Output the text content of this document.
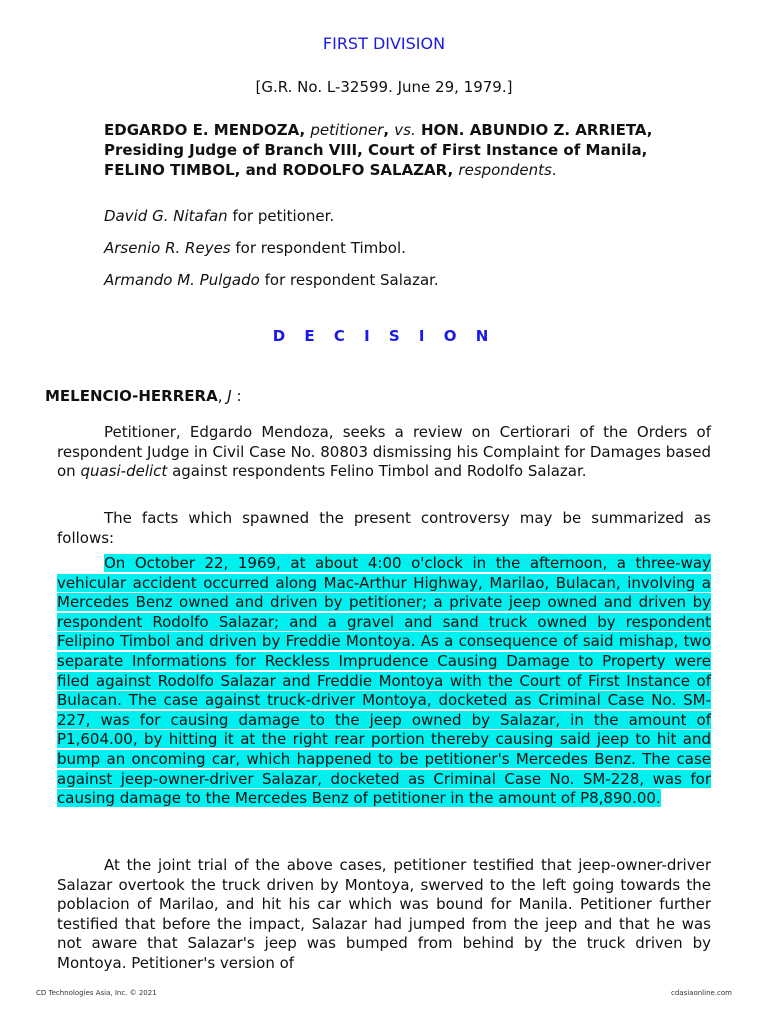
FIRST DIVISION
[G.R. No. L-32599. June 29, 1979.]
EDGARDO E. MENDOZA, petitioner, vs. HON. ABUNDIO Z. ARRIETA, Presiding Judge of Branch VIII, Court of First Instance of Manila, FELINO TIMBOL, and RODOLFO SALAZAR, respondents.
David G. Nitafan for petitioner.
Arsenio R. Reyes for respondent Timbol.
Armando M. Pulgado for respondent Salazar.
D E C I S I O N
MELENCIO-HERRERA, J :
Petitioner, Edgardo Mendoza, seeks a review on Certiorari of the Orders of respondent Judge in Civil Case No. 80803 dismissing his Complaint for Damages based on quasi-delict against respondents Felino Timbol and Rodolfo Salazar.
The facts which spawned the present controversy may be summarized as follows:
On October 22, 1969, at about 4:00 o'clock in the afternoon, a three-way vehicular accident occurred along Mac-Arthur Highway, Marilao, Bulacan, involving a Mercedes Benz owned and driven by petitioner; a private jeep owned and driven by respondent Rodolfo Salazar; and a gravel and sand truck owned by respondent Felipino Timbol and driven by Freddie Montoya. As a consequence of said mishap, two separate Informations for Reckless Imprudence Causing Damage to Property were filed against Rodolfo Salazar and Freddie Montoya with the Court of First Instance of Bulacan. The case against truck-driver Montoya, docketed as Criminal Case No. SM-227, was for causing damage to the jeep owned by Salazar, in the amount of P1,604.00, by hitting it at the right rear portion thereby causing said jeep to hit and bump an oncoming car, which happened to be petitioner's Mercedes Benz. The case against jeep-owner-driver Salazar, docketed as Criminal Case No. SM-228, was for causing damage to the Mercedes Benz of petitioner in the amount of P8,890.00.
At the joint trial of the above cases, petitioner testified that jeep-owner-driver Salazar overtook the truck driven by Montoya, swerved to the left going towards the poblacion of Marilao, and hit his car which was bound for Manila. Petitioner further testified that before the impact, Salazar had jumped from the jeep and that he was not aware that Salazar's jeep was bumped from behind by the truck driven by Montoya. Petitioner's version of
CD Technologies Asia, Inc. © 2021	cdasiaonline.com
